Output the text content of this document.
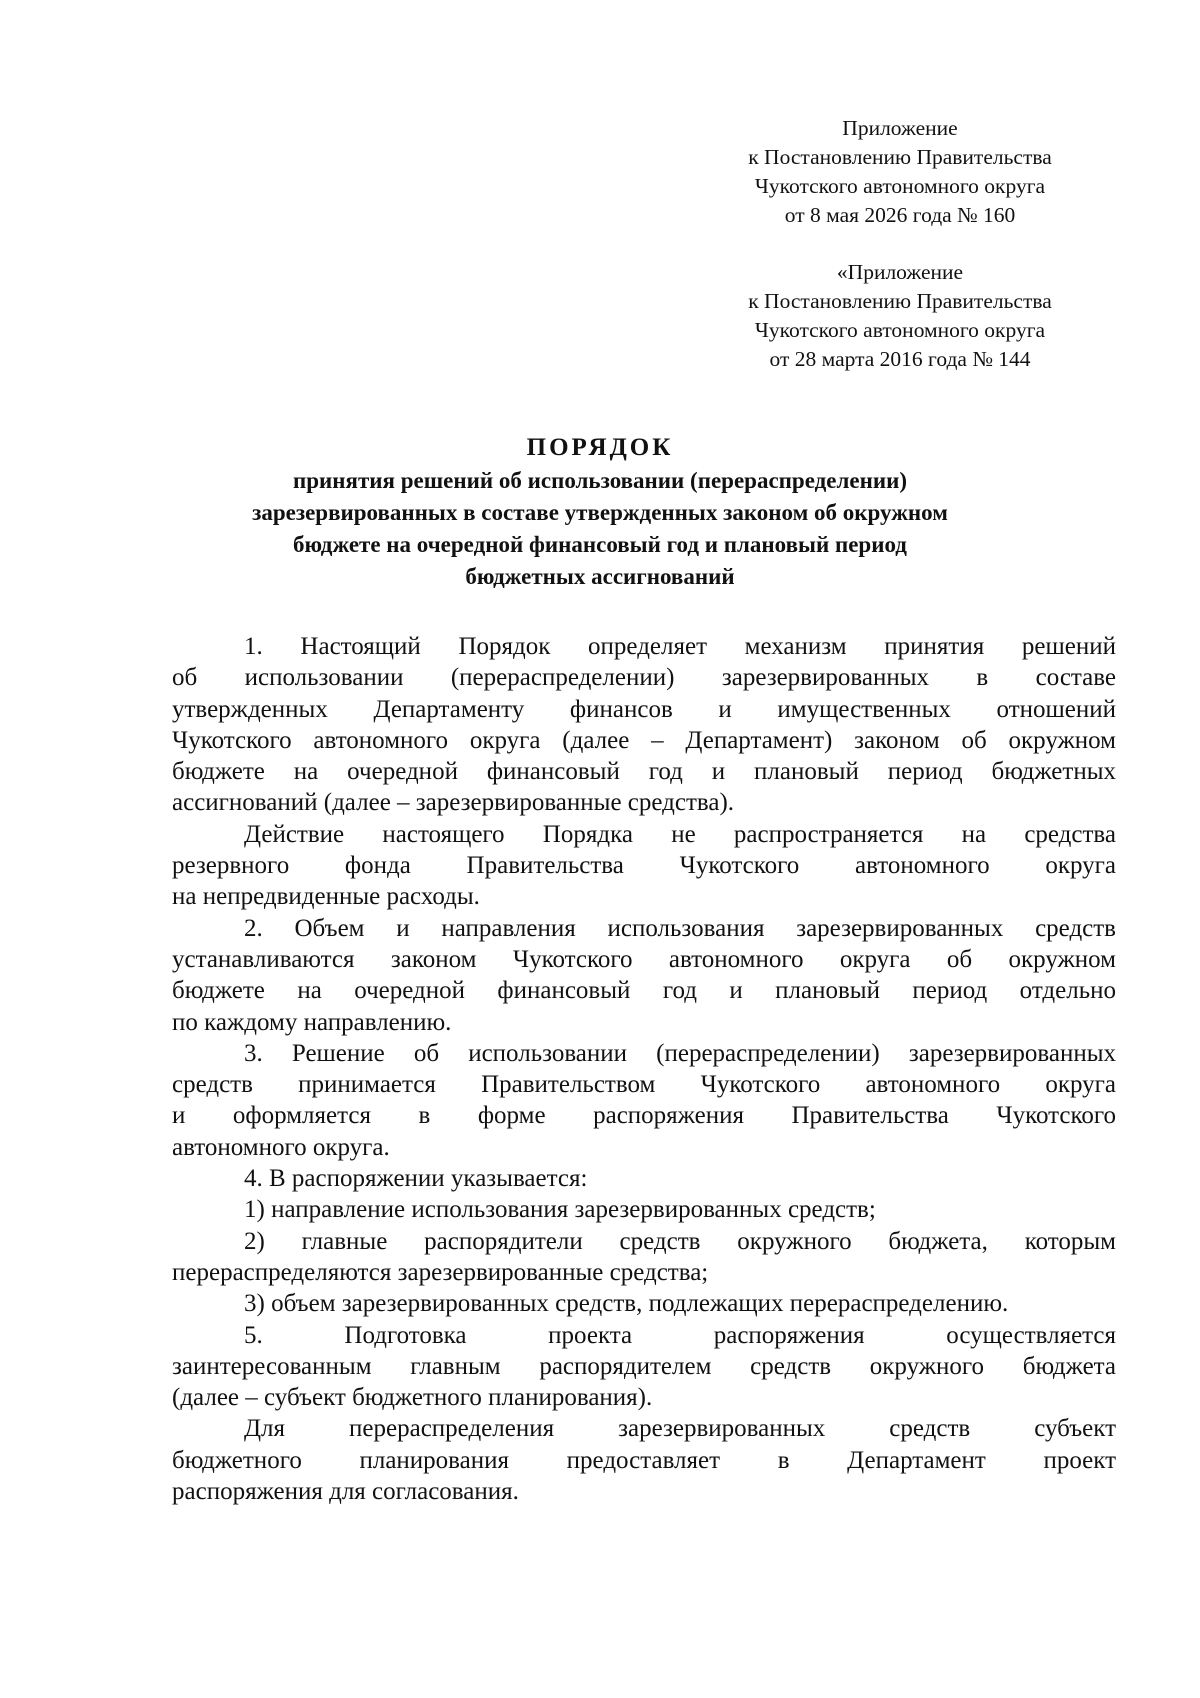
Приложение
к Постановлению Правительства
Чукотского автономного округа
от 8 мая 2026 года № 160
«Приложение
к Постановлению Правительства
Чукотского автономного округа
от 28 марта 2016 года № 144
ПОРЯДОК
принятия решений об использовании (перераспределении)
зарезервированных в составе утвержденных законом об окружном
бюджете на очередной финансовый год и плановый период
бюджетных ассигнований
1. Настоящий Порядок определяет механизм принятия решений
об использовании (перераспределении) зарезервированных в составе
утвержденных Департаменту финансов и имущественных отношений
Чукотского автономного округа (далее – Департамент) законом об окружном
бюджете на очередной финансовый год и плановый период бюджетных
ассигнований (далее – зарезервированные средства).
Действие настоящего Порядка не распространяется на средства
резервного фонда Правительства Чукотского автономного округа
на непредвиденные расходы.
2. Объем и направления использования зарезервированных средств
устанавливаются законом Чукотского автономного округа об окружном
бюджете на очередной финансовый год и плановый период отдельно
по каждому направлению.
3. Решение об использовании (перераспределении) зарезервированных
средств принимается Правительством Чукотского автономного округа
и оформляется в форме распоряжения Правительства Чукотского
автономного округа.
4. В распоряжении указывается:
1) направление использования зарезервированных средств;
2) главные распорядители средств окружного бюджета, которым
перераспределяются зарезервированные средства;
3) объем зарезервированных средств, подлежащих перераспределению.
5. Подготовка проекта распоряжения осуществляется
заинтересованным главным распорядителем средств окружного бюджета
(далее – субъект бюджетного планирования).
Для перераспределения зарезервированных средств субъект
бюджетного планирования предоставляет в Департамент проект
распоряжения для согласования.
